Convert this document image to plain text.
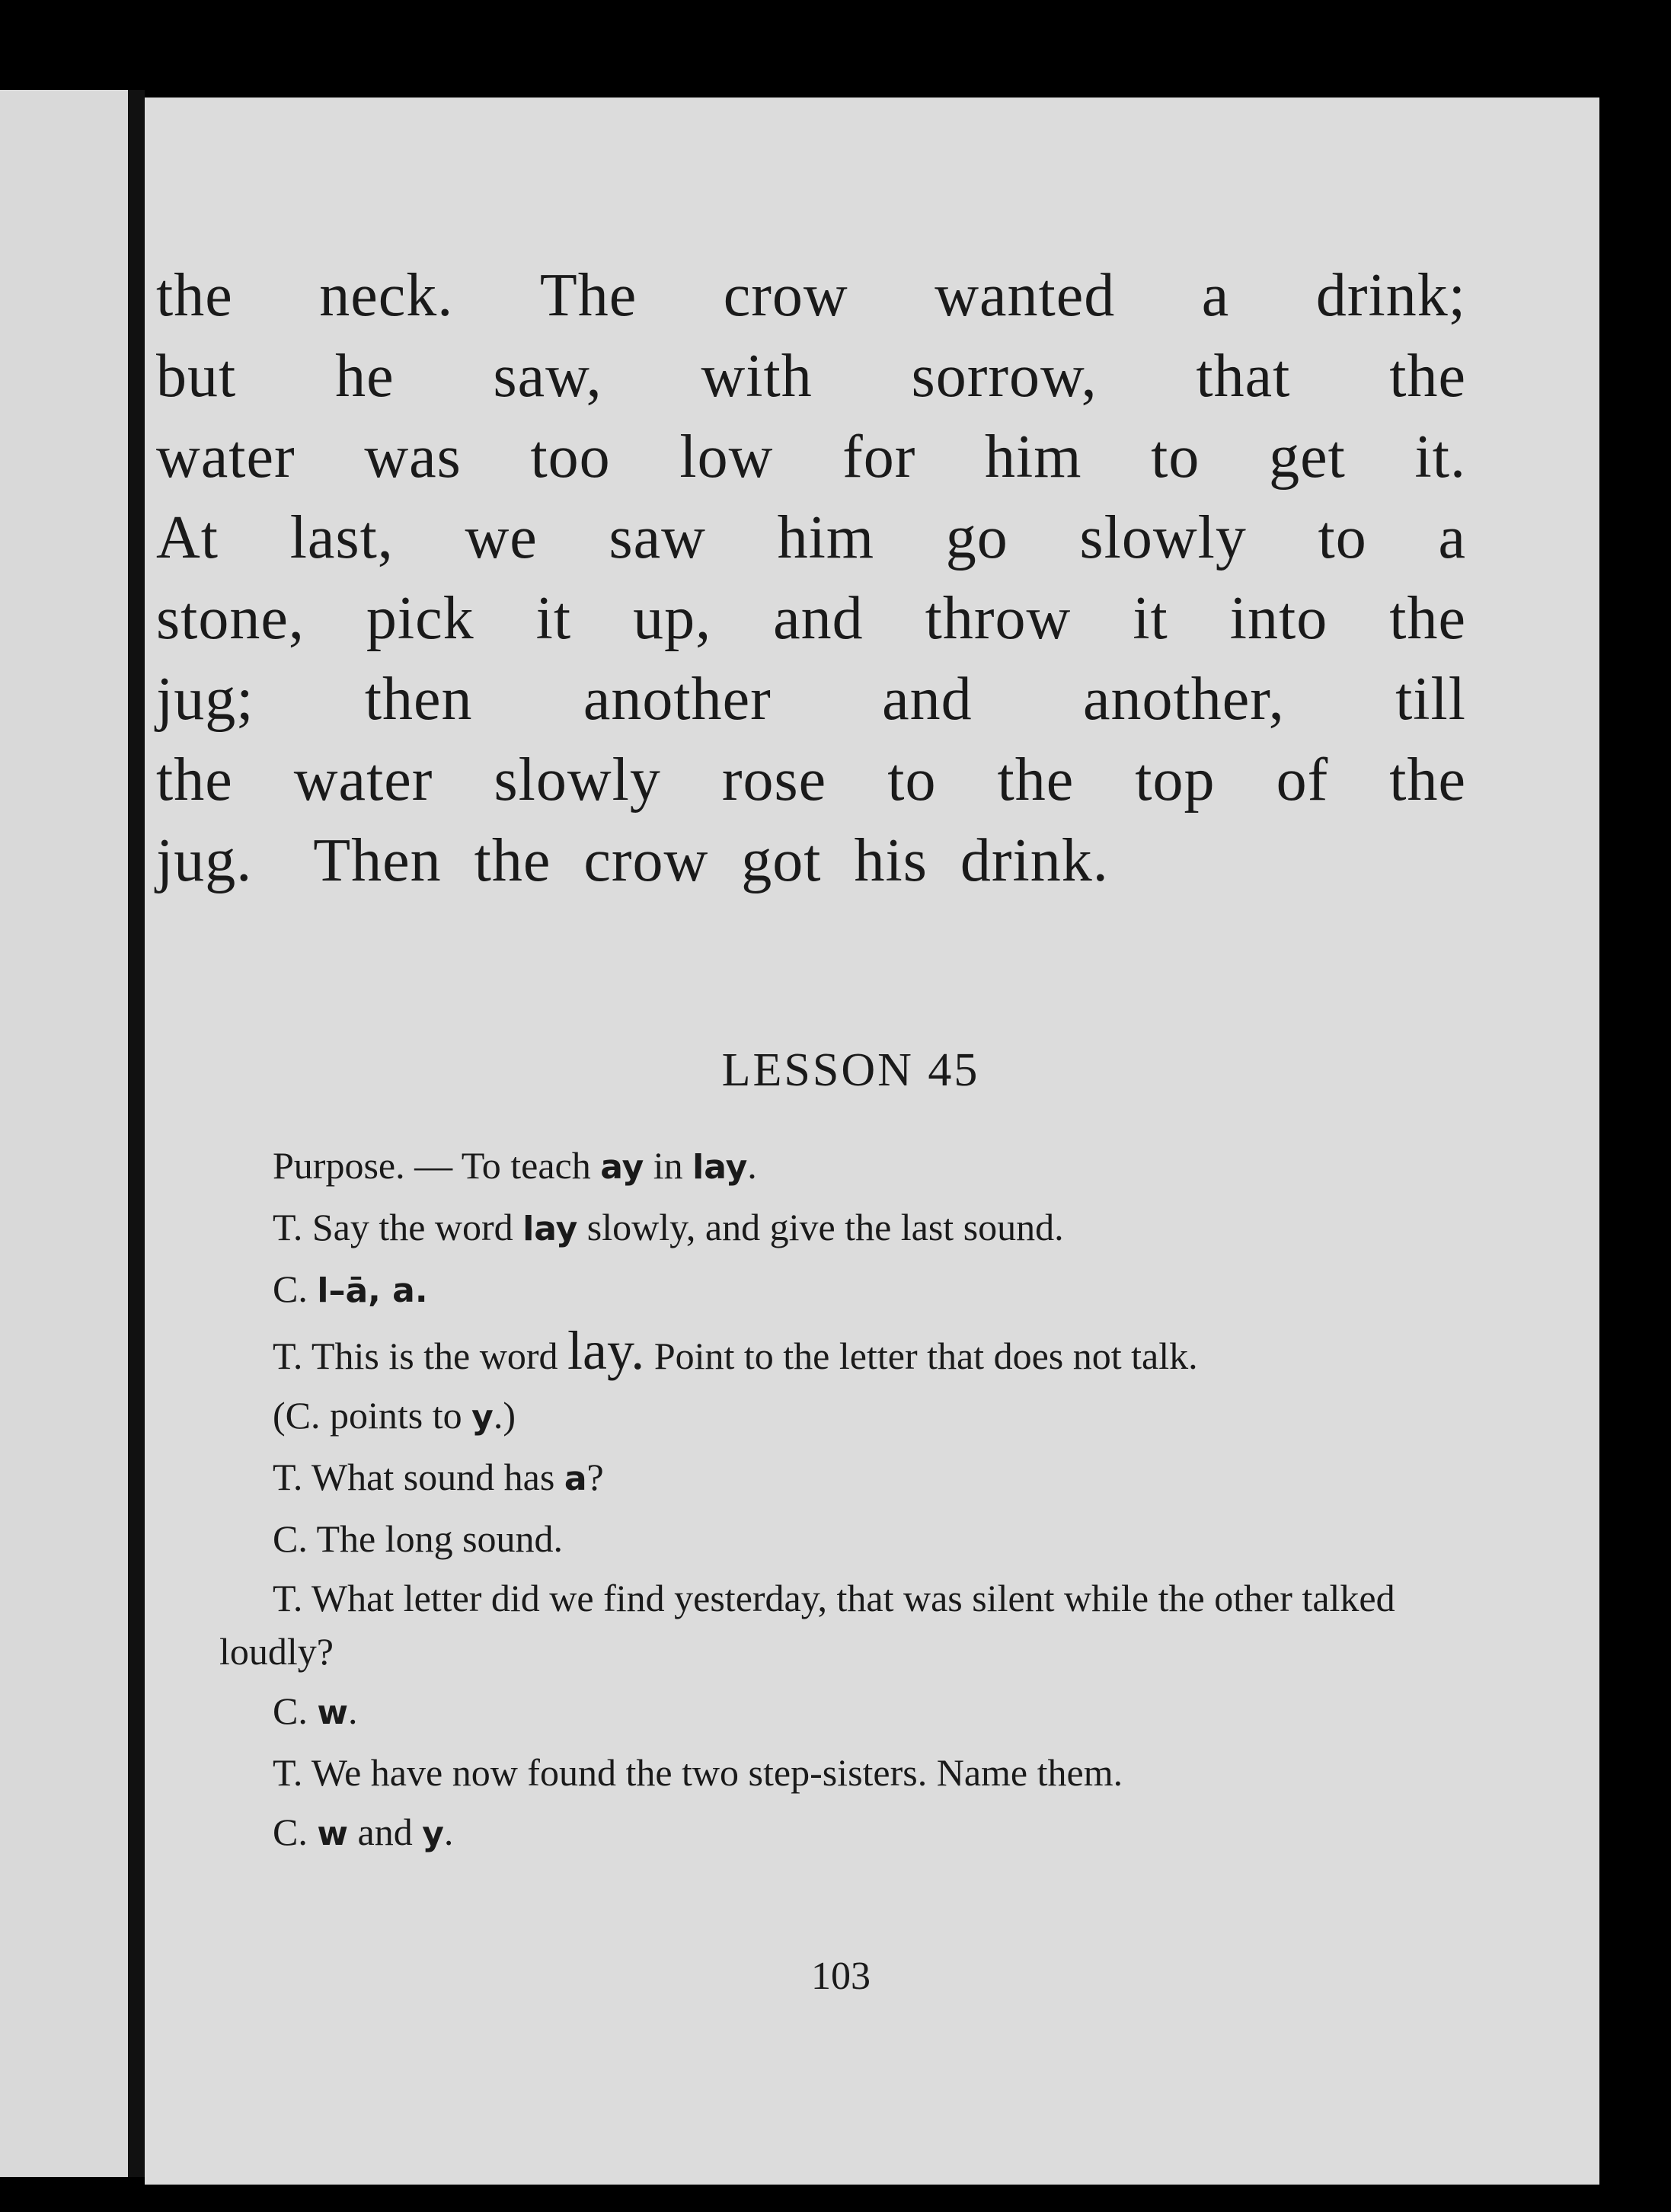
the neck. The crow wanted a drink;
but he saw, with sorrow, that the
water was too low for him to get it.
At last, we saw him go slowly to a
stone, pick it up, and throw it into the
jug; then another and another, till
the water slowly rose to the top of the
jug. Then the crow got his drink.
LESSON 45

Purpose. — To teach ay in lay.

T. Say the word lay slowly, and give the last sound.

C. l–ā, a.

T. This is the word lay. Point to the letter that does not talk.

(C. points to y.)

T. What sound has a?

C. The long sound.

T. What letter did we find yesterday, that was silent while the other talked loudly?

C. w.

T. We have now found the two step-sisters. Name them.

C. w and y.

103
